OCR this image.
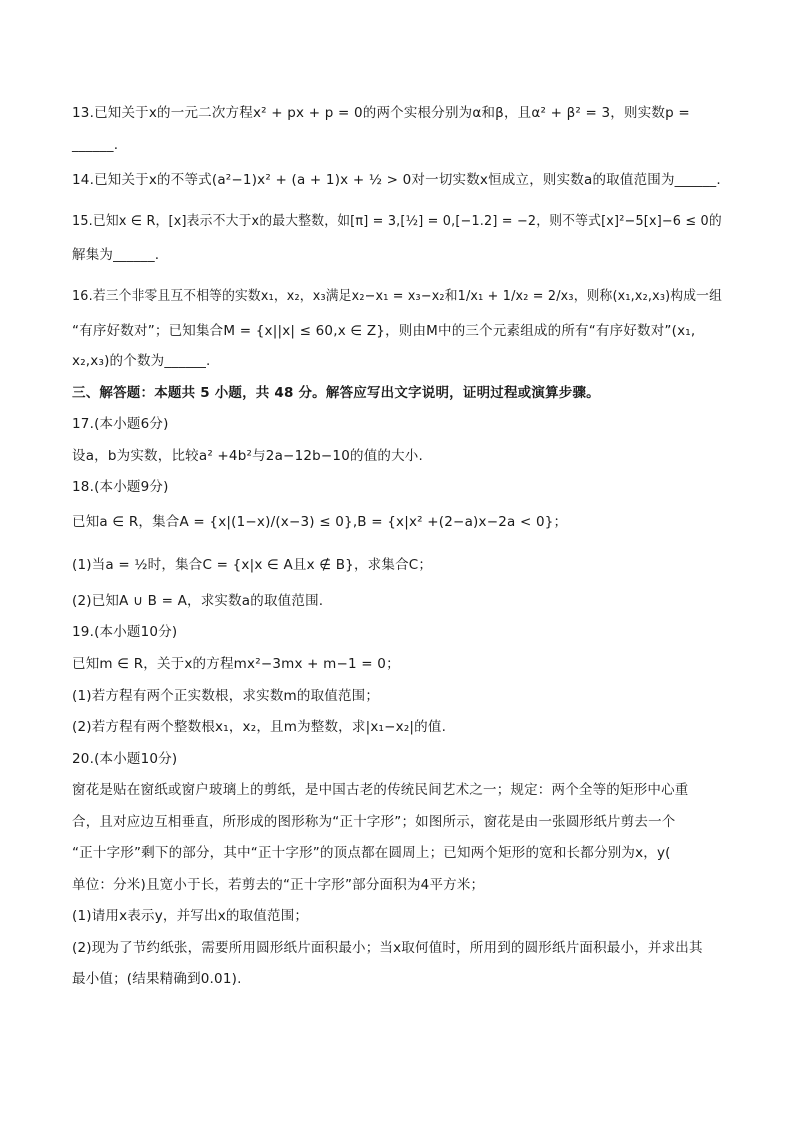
13.已知关于x的一元二次方程x² + px + p = 0的两个实根分别为α和β，且α² + β² = 3，则实数p =
______.
14.已知关于x的不等式(a²−1)x² + (a + 1)x + ½ > 0对一切实数x恒成立，则实数a的取值范围为______.
15.已知x ∈ R，[x]表示不大于x的最大整数，如[π] = 3,[½] = 0,[−1.2] = −2，则不等式[x]²−5[x]−6 ≤ 0的
解集为______.
16.若三个非零且互不相等的实数x₁，x₂，x₃满足x₂−x₁ = x₃−x₂和1/x₁ + 1/x₂ = 2/x₃，则称(x₁,x₂,x₃)构成一组
“有序好数对”；已知集合M = {x||x| ≤ 60,x ∈ Z}，则由M中的三个元素组成的所有“有序好数对”(x₁,
x₂,x₃)的个数为______.
三、解答题：本题共 5 小题，共 48 分。解答应写出文字说明，证明过程或演算步骤。
17.(本小题6分)
设a，b为实数，比较a² +4b²与2a−12b−10的值的大小.
18.(本小题9分)
已知a ∈ R，集合A = {x|(1−x)/(x−3) ≤ 0},B = {x|x² +(2−a)x−2a < 0}；
(1)当a = ½时，集合C = {x|x ∈ A且x ∉ B}，求集合C；
(2)已知A ∪ B = A，求实数a的取值范围.
19.(本小题10分)
已知m ∈ R，关于x的方程mx²−3mx + m−1 = 0；
(1)若方程有两个正实数根，求实数m的取值范围；
(2)若方程有两个整数根x₁，x₂，且m为整数，求|x₁−x₂|的值.
20.(本小题10分)
窗花是贴在窗纸或窗户玻璃上的剪纸，是中国古老的传统民间艺术之一；规定：两个全等的矩形中心重
合，且对应边互相垂直，所形成的图形称为“正十字形”；如图所示，窗花是由一张圆形纸片剪去一个
“正十字形”剩下的部分，其中“正十字形”的顶点都在圆周上；已知两个矩形的宽和长都分别为x，y(
单位：分米)且宽小于长，若剪去的“正十字形”部分面积为4平方米；
(1)请用x表示y，并写出x的取值范围；
(2)现为了节约纸张，需要所用圆形纸片面积最小；当x取何值时，所用到的圆形纸片面积最小，并求出其
最小值；(结果精确到0.01).
